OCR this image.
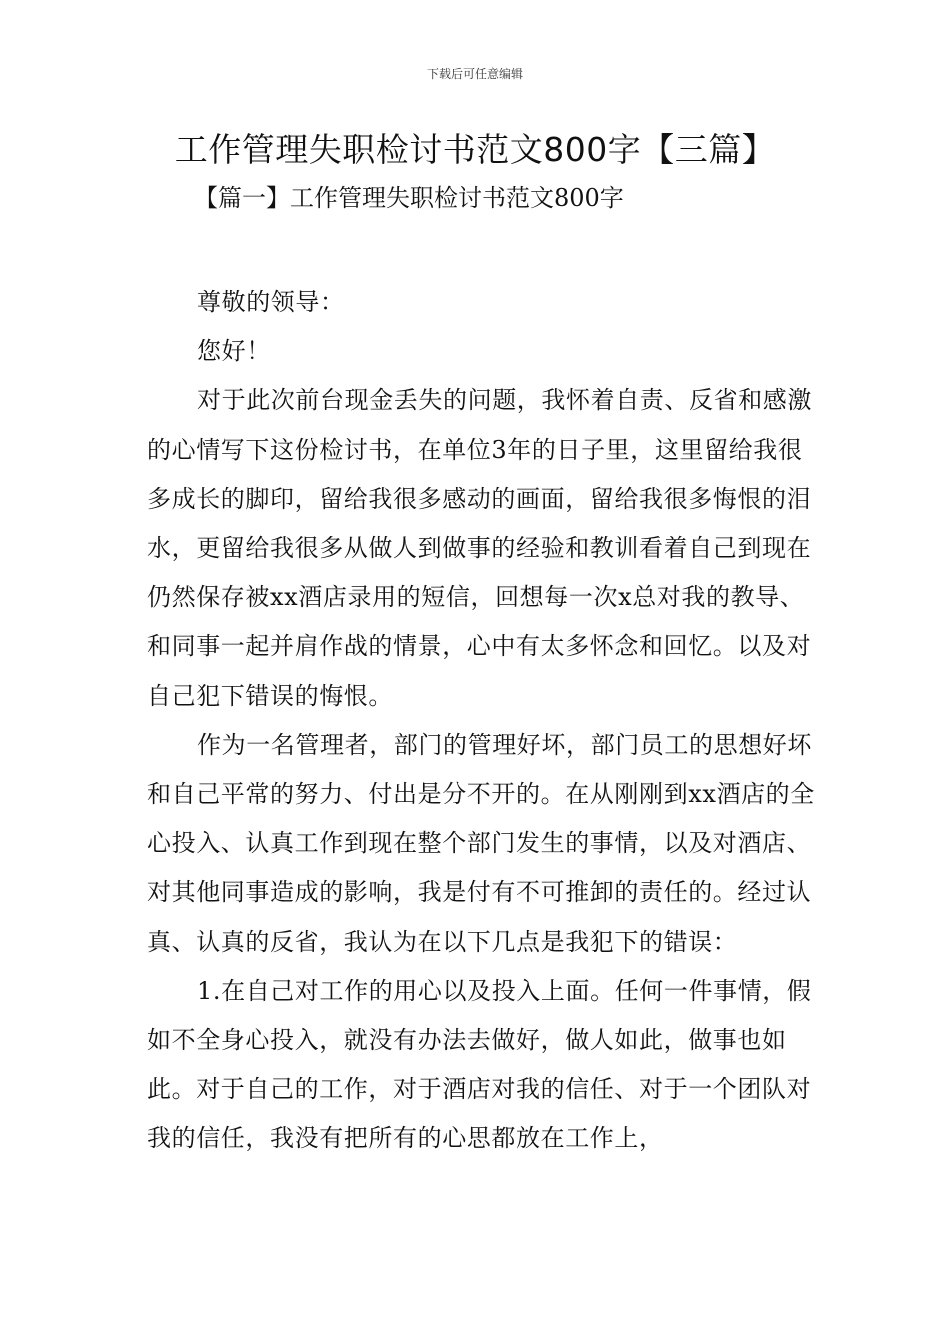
下载后可任意编辑
工作管理失职检讨书范文800字【三篇】
【篇一】工作管理失职检讨书范文800字

尊敬的领导：

您好！

对于此次前台现金丢失的问题，我怀着自责、反省和感激的心情写下这份检讨书，在单位3年的日子里，这里留给我很多成长的脚印，留给我很多感动的画面，留给我很多悔恨的泪水，更留给我很多从做人到做事的经验和教训看着自己到现在仍然保存被xx酒店录用的短信，回想每一次x总对我的教导、和同事一起并肩作战的情景，心中有太多怀念和回忆。以及对自己犯下错误的悔恨。

作为一名管理者，部门的管理好坏，部门员工的思想好坏和自己平常的努力、付出是分不开的。在从刚刚到xx酒店的全心投入、认真工作到现在整个部门发生的事情，以及对酒店、对其他同事造成的影响，我是付有不可推卸的责任的。经过认真、认真的反省，我认为在以下几点是我犯下的错误：

1.在自己对工作的用心以及投入上面。任何一件事情，假如不全身心投入，就没有办法去做好，做人如此，做事也如此。对于自己的工作，对于酒店对我的信任、对于一个团队对我的信任，我没有把所有的心思都放在工作上，
